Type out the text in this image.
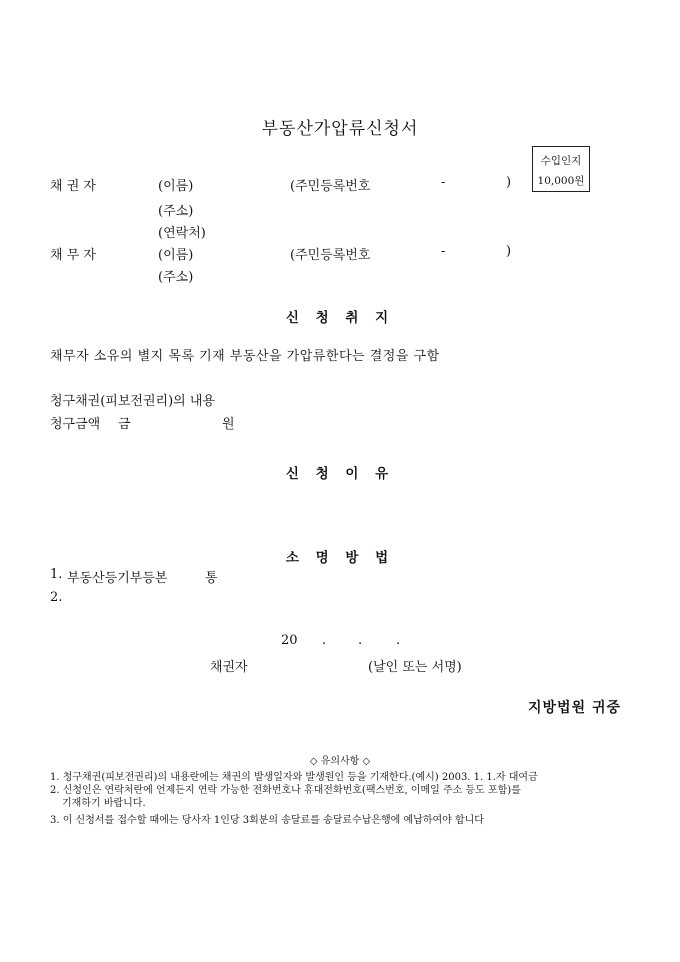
부동산가압류신청서
수입인지
10,000원
채 권 자	(이름)	(주민등록번호	-	)
(주소)
(연락처)
채 무 자	(이름)	(주민등록번호	-	)
(주소)
신 청 취 지
채무자 소유의 별지 목록 기재 부동산을 가압류한다는 결정을 구함
청구채권(피보전권리)의 내용
청구금액 금	원
신 청 이 유
소 명 방 법
1. 부동산등기부등본	통
2.
20 . .	.
채권자	(날인 또는 서명)
지방법원 귀중
◇ 유의사항 ◇
1. 청구채권(피보전권리)의 내용란에는 채권의 발생일자와 발생원인 등을 기재한다.(예시) 2003. 1. 1.자 대여금
2. 신청인은 연락처란에 언제든지 연락 가능한 전화번호나 휴대전화번호(팩스번호, 이메일 주소 등도 포함)를
기재하기 바랍니다.
3. 이 신청서를 접수할 때에는 당사자 1인당 3회분의 송달료를 송달료수납은행에 예납하여야 합니다
